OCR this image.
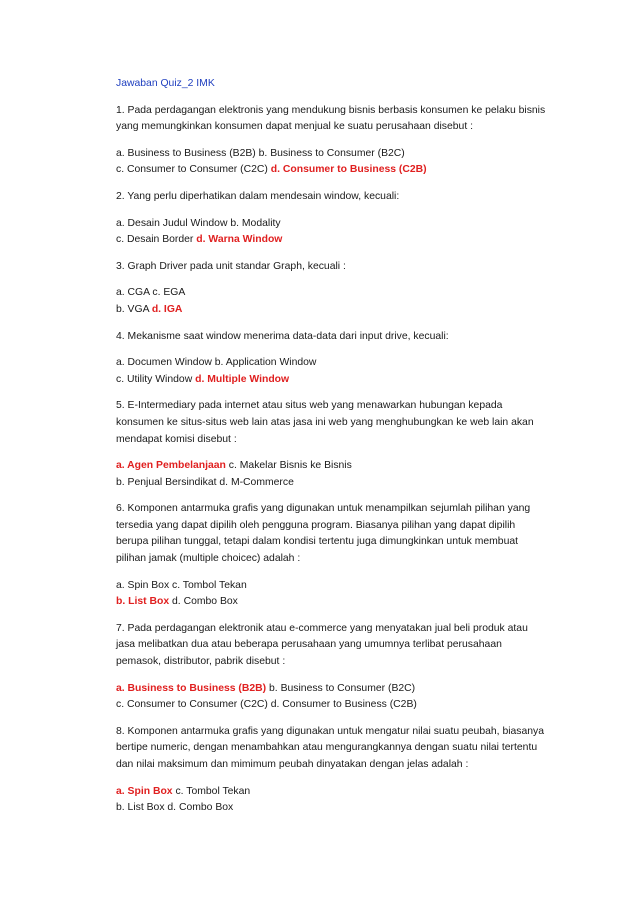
Jawaban Quiz_2 IMK

1. Pada perdagangan elektronis yang mendukung bisnis berbasis konsumen ke pelaku bisnis
yang memungkinkan konsumen dapat menjual ke suatu perusahaan disebut :
a. Business to Business (B2B) b. Business to Consumer (B2C)
c. Consumer to Consumer (C2C) d. Consumer to Business (C2B)
2. Yang perlu diperhatikan dalam mendesain window, kecuali:
a. Desain Judul Window b. Modality
c. Desain Border d. Warna Window
3. Graph Driver pada unit standar Graph, kecuali :
a. CGA c. EGA
b. VGA d. IGA
4. Mekanisme saat window menerima data-data dari input drive, kecuali:
a. Documen Window b. Application Window
c. Utility Window d. Multiple Window
5. E-Intermediary pada internet atau situs web yang menawarkan hubungan kepada
konsumen ke situs-situs web lain atas jasa ini web yang menghubungkan ke web lain akan
mendapat komisi disebut :
a. Agen Pembelanjaan c. Makelar Bisnis ke Bisnis
b. Penjual Bersindikat d. M-Commerce
6. Komponen antarmuka grafis yang digunakan untuk menampilkan sejumlah pilihan yang
tersedia yang dapat dipilih oleh pengguna program. Biasanya pilihan yang dapat dipilih
berupa pilihan tunggal, tetapi dalam kondisi tertentu juga dimungkinkan untuk membuat
pilihan jamak (multiple choicec) adalah :
a. Spin Box c. Tombol Tekan
b. List Box d. Combo Box
7. Pada perdagangan elektronik atau e-commerce yang menyatakan jual beli produk atau
jasa melibatkan dua atau beberapa perusahaan yang umumnya terlibat perusahaan
pemasok, distributor, pabrik disebut :
a. Business to Business (B2B) b. Business to Consumer (B2C)
c. Consumer to Consumer (C2C) d. Consumer to Business (C2B)
8. Komponen antarmuka grafis yang digunakan untuk mengatur nilai suatu peubah, biasanya
bertipe numeric, dengan menambahkan atau mengurangkannya dengan suatu nilai tertentu
dan nilai maksimum dan mimimum peubah dinyatakan dengan jelas adalah :
a. Spin Box c. Tombol Tekan
b. List Box d. Combo Box
